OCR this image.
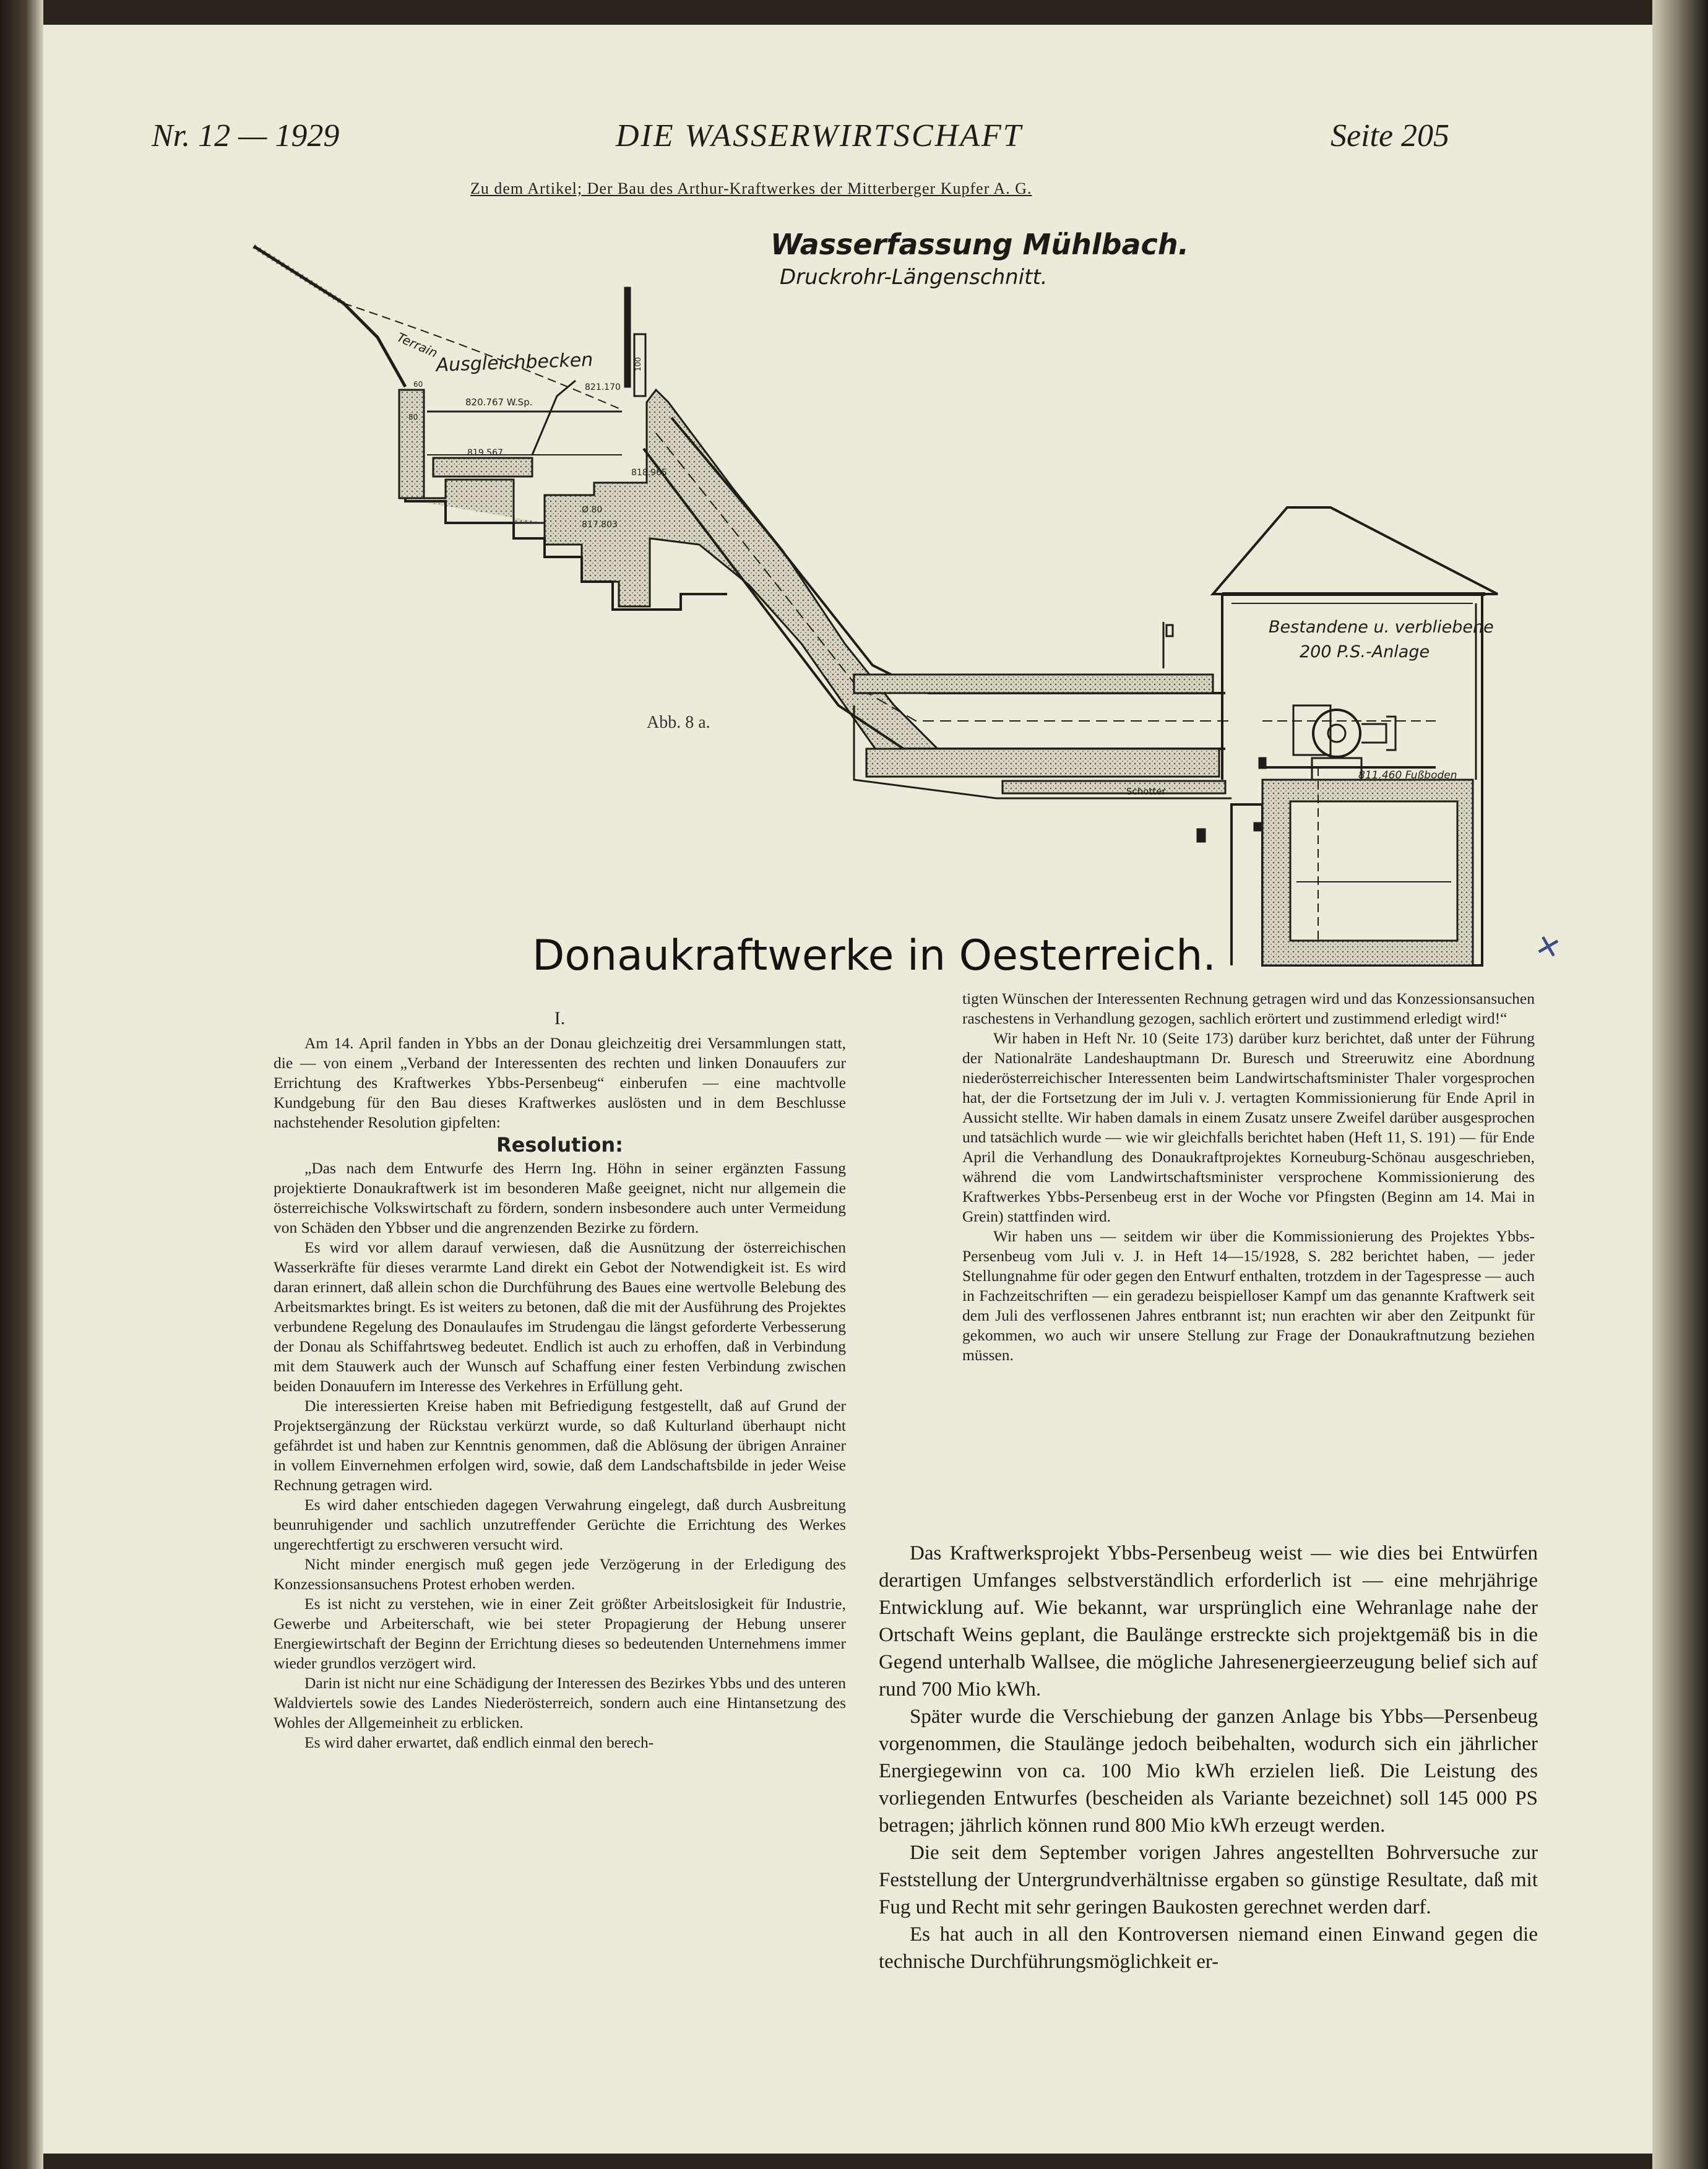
Nr. 12 — 1929	DIE WASSERWIRTSCHAFT	Seite 205
Zu dem Artikel; Der Bau des Arthur-Kraftwerkes der Mitterberger Kupfer A. G.
Terrain
Ausgleichbecken
820.767 W.Sp.
821.170
819.567
818.965
Ø 80
817.803
60
80
100
Bestandene u. verbliebene
200 P.S.-Anlage
811.460 Fußboden
Schotter
Wasserfassung Mühlbach.
Druckrohr-Längenschnitt.
Abb. 8 a.
Donaukraftwerke in Oesterreich.	+

I.

Am 14. April fanden in Ybbs an der Donau gleichzeitig drei Versammlungen statt, die — von einem „Verband der Interessenten des rechten und linken Donauufers zur Errichtung des Kraftwerkes Ybbs-Persenbeug“ einberufen — eine machtvolle Kundgebung für den Bau dieses Kraftwerkes auslösten und in dem Beschlusse nachstehender Resolution gipfelten:

Resolution:

„Das nach dem Entwurfe des Herrn Ing. Höhn in seiner ergänzten Fassung projektierte Donaukraftwerk ist im besonderen Maße geeignet, nicht nur allgemein die österreichische Volkswirtschaft zu fördern, sondern insbesondere auch unter Vermeidung von Schäden den Ybbser und die angrenzenden Bezirke zu fördern.

Es wird vor allem darauf verwiesen, daß die Ausnützung der österreichischen Wasserkräfte für dieses verarmte Land direkt ein Gebot der Notwendigkeit ist. Es wird daran erinnert, daß allein schon die Durchführung des Baues eine wertvolle Belebung des Arbeitsmarktes bringt. Es ist weiters zu betonen, daß die mit der Ausführung des Projektes verbundene Regelung des Donaulaufes im Strudengau die längst geforderte Verbesserung der Donau als Schiffahrtsweg bedeutet. Endlich ist auch zu erhoffen, daß in Verbindung mit dem Stauwerk auch der Wunsch auf Schaffung einer festen Verbindung zwischen beiden Donauufern im Interesse des Verkehres in Erfüllung geht.

Die interessierten Kreise haben mit Befriedigung festgestellt, daß auf Grund der Projektsergänzung der Rückstau verkürzt wurde, so daß Kulturland überhaupt nicht gefährdet ist und haben zur Kenntnis genommen, daß die Ablösung der übrigen Anrainer in vollem Einvernehmen erfolgen wird, sowie, daß dem Landschaftsbilde in jeder Weise Rechnung getragen wird.

Es wird daher entschieden dagegen Verwahrung eingelegt, daß durch Ausbreitung beunruhigender und sachlich unzutreffender Gerüchte die Errichtung des Werkes ungerechtfertigt zu erschweren versucht wird.

Nicht minder energisch muß gegen jede Verzögerung in der Erledigung des Konzessionsansuchens Protest erhoben werden.

Es ist nicht zu verstehen, wie in einer Zeit größter Arbeitslosigkeit für Industrie, Gewerbe und Arbeiterschaft, wie bei steter Propagierung der Hebung unserer Energiewirtschaft der Beginn der Errichtung dieses so bedeutenden Unternehmens immer wieder grundlos verzögert wird.

Darin ist nicht nur eine Schädigung der Interessen des Bezirkes Ybbs und des unteren Waldviertels sowie des Landes Niederösterreich, sondern auch eine Hintansetzung des Wohles der Allgemeinheit zu erblicken.

Es wird daher erwartet, daß endlich einmal den berech-

tigten Wünschen der Interessenten Rechnung getragen wird und das Konzessionsansuchen raschestens in Verhandlung gezogen, sachlich erörtert und zustimmend erledigt wird!“

Wir haben in Heft Nr. 10 (Seite 173) darüber kurz berichtet, daß unter der Führung der Nationalräte Landeshauptmann Dr. Buresch und Streeruwitz eine Abordnung niederösterreichischer Interessenten beim Landwirtschaftsminister Thaler vorgesprochen hat, der die Fortsetzung der im Juli v. J. vertagten Kommissionierung für Ende April in Aussicht stellte. Wir haben damals in einem Zusatz unsere Zweifel darüber ausgesprochen und tatsächlich wurde — wie wir gleichfalls berichtet haben (Heft 11, S. 191) — für Ende April die Verhandlung des Donaukraftprojektes Korneuburg-Schönau ausgeschrieben, während die vom Landwirtschaftsminister versprochene Kommissionierung des Kraftwerkes Ybbs-Persenbeug erst in der Woche vor Pfingsten (Beginn am 14. Mai in Grein) stattfinden wird.

Wir haben uns — seitdem wir über die Kommissionierung des Projektes Ybbs-Persenbeug vom Juli v. J. in Heft 14—15/1928, S. 282 berichtet haben, — jeder Stellungnahme für oder gegen den Entwurf enthalten, trotzdem in der Tagespresse — auch in Fachzeitschriften — ein geradezu beispielloser Kampf um das genannte Kraftwerk seit dem Juli des verflossenen Jahres entbrannt ist; nun erachten wir aber den Zeitpunkt für gekommen, wo auch wir unsere Stellung zur Frage der Donaukraftnutzung beziehen müssen.

Das Kraftwerksprojekt Ybbs-Persenbeug weist — wie dies bei Entwürfen derartigen Umfanges selbstverständlich erforderlich ist — eine mehrjährige Entwicklung auf. Wie bekannt, war ursprünglich eine Wehranlage nahe der Ortschaft Weins geplant, die Baulänge erstreckte sich projektgemäß bis in die Gegend unterhalb Wallsee, die mögliche Jahresenergieerzeugung belief sich auf rund 700 Mio kWh.

Später wurde die Verschiebung der ganzen Anlage bis Ybbs—Persenbeug vorgenommen, die Staulänge jedoch beibehalten, wodurch sich ein jährlicher Energiegewinn von ca. 100 Mio kWh erzielen ließ. Die Leistung des vorliegenden Entwurfes (bescheiden als Variante bezeichnet) soll 145 000 PS betragen; jährlich können rund 800 Mio kWh erzeugt werden.

Die seit dem September vorigen Jahres angestellten Bohrversuche zur Feststellung der Untergrundverhältnisse ergaben so günstige Resultate, daß mit Fug und Recht mit sehr geringen Baukosten gerechnet werden darf.

Es hat auch in all den Kontroversen niemand einen Einwand gegen die technische Durchführungsmöglichkeit er-
